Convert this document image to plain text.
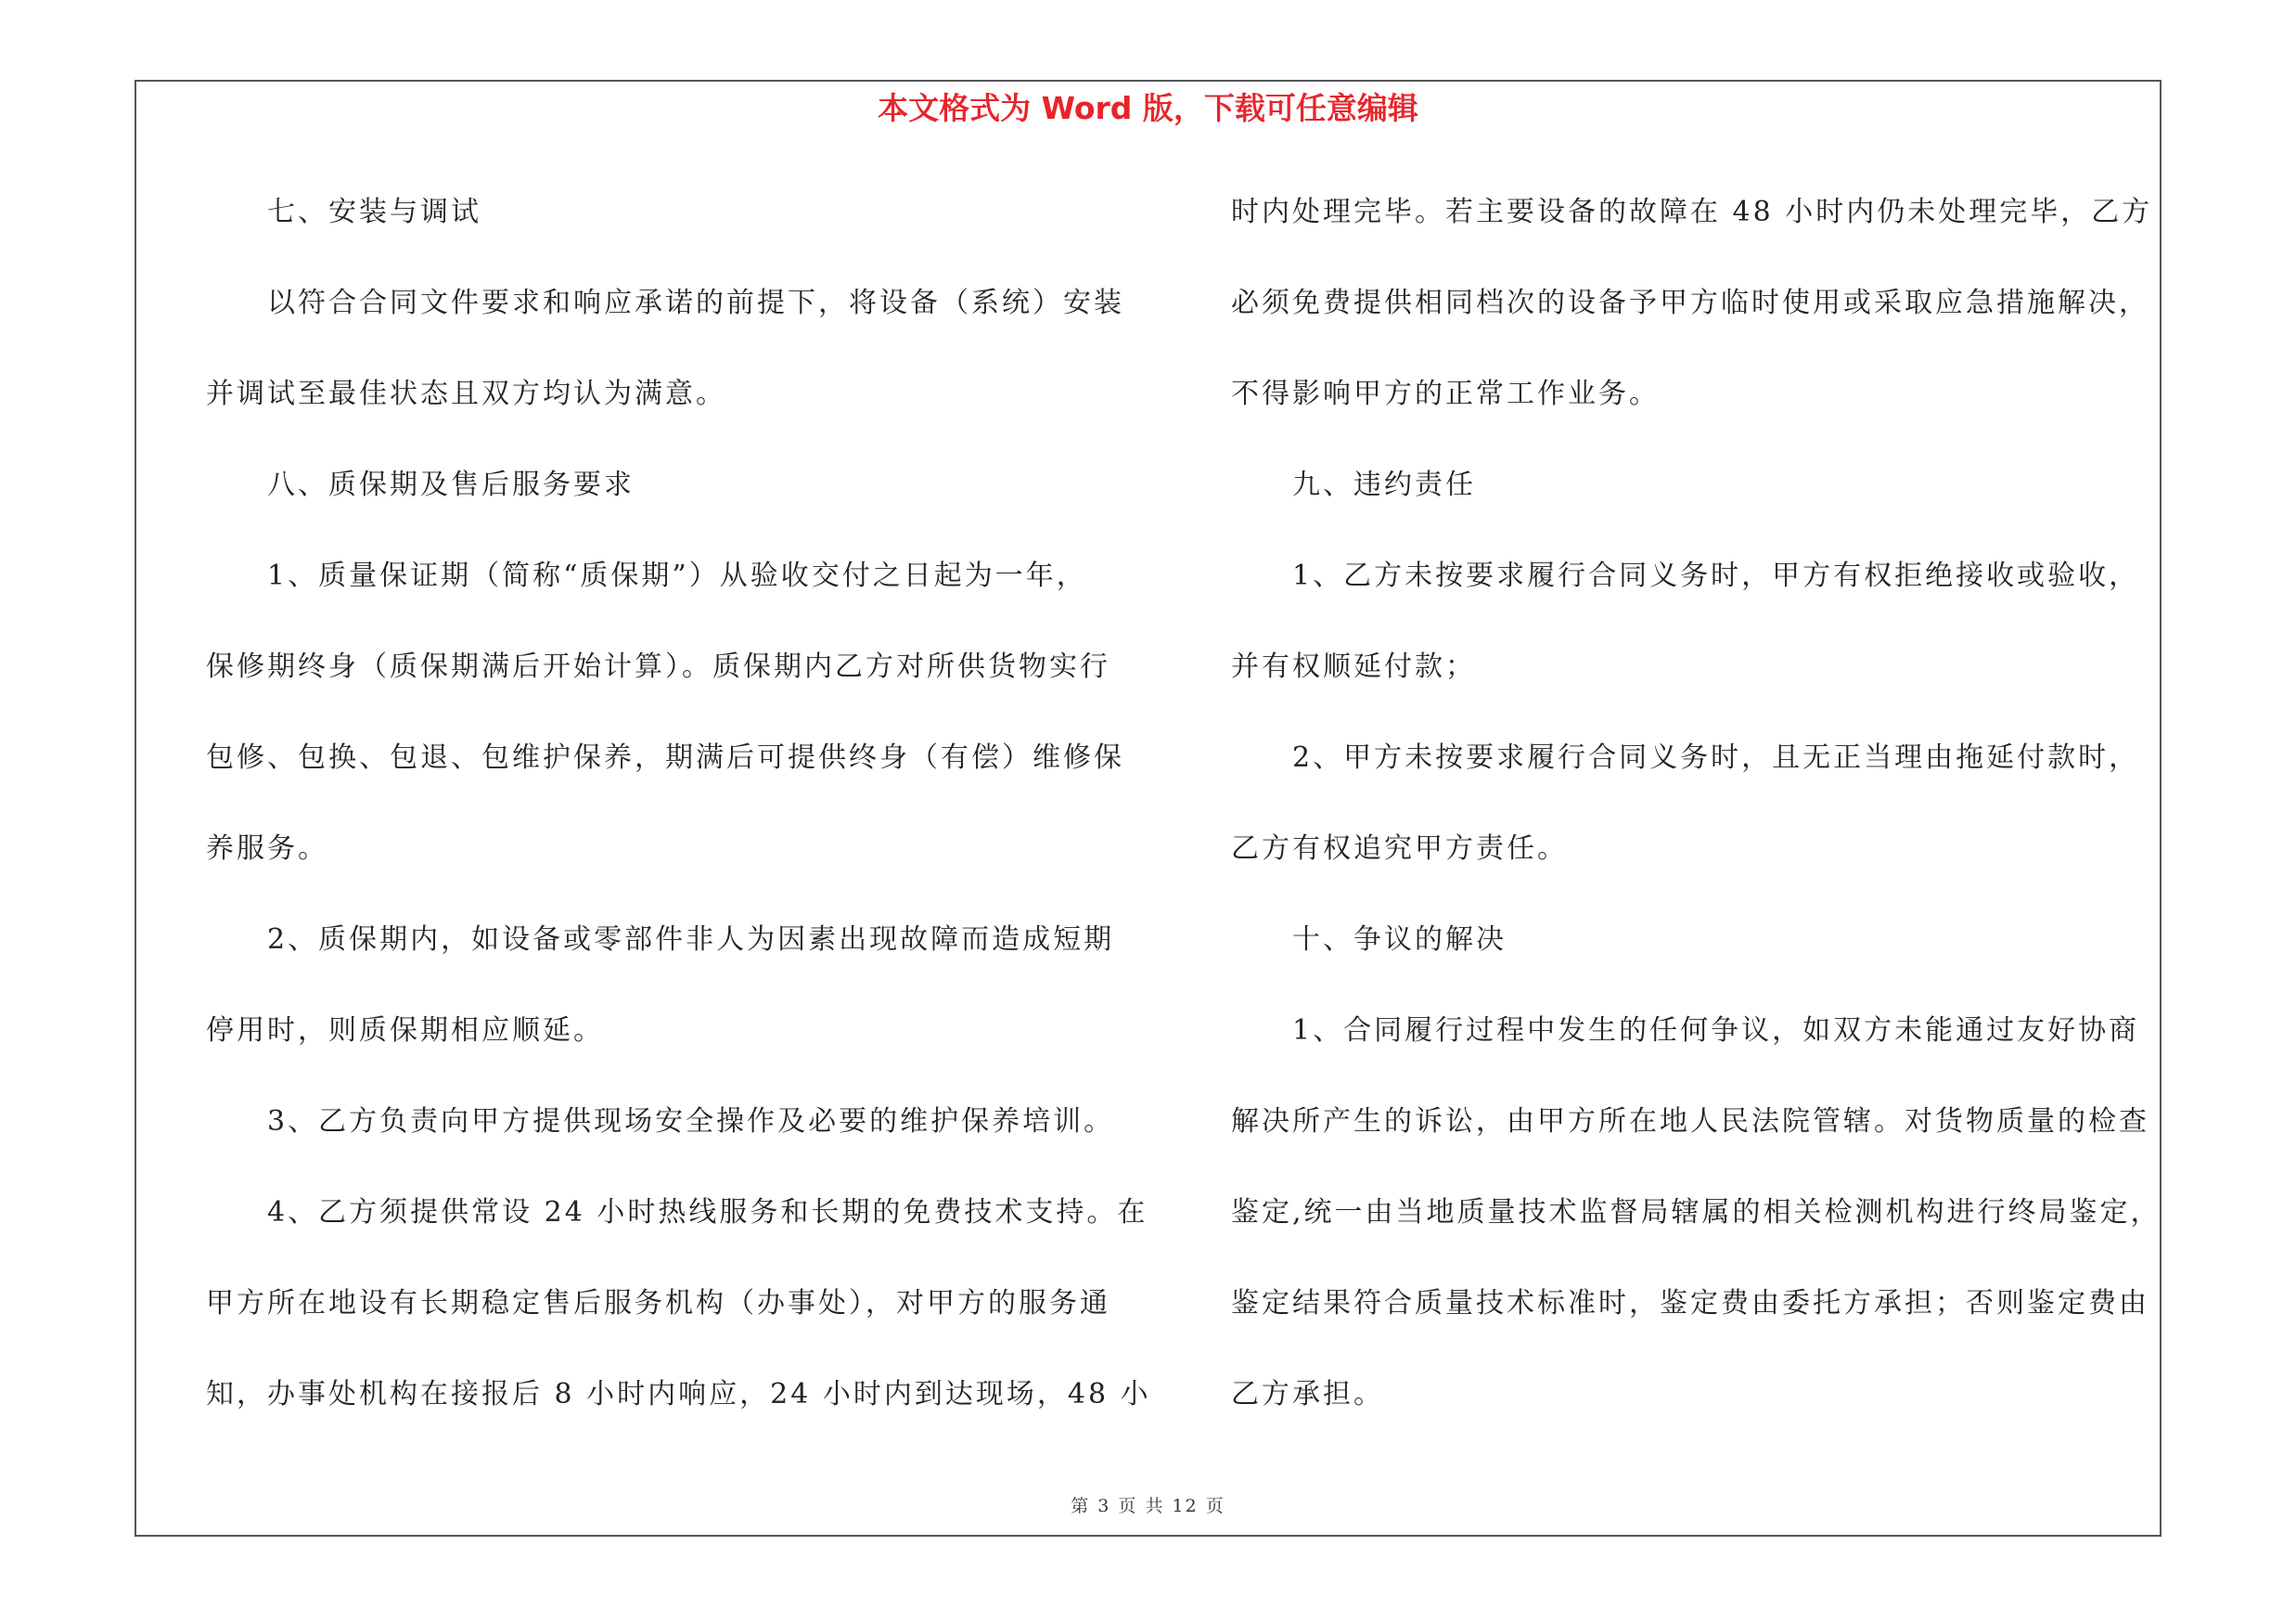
本文格式为 Word 版，下载可任意编辑
七、安装与调试
以符合合同文件要求和响应承诺的前提下，将设备（系统）安装
并调试至最佳状态且双方均认为满意。
八、质保期及售后服务要求
1、质量保证期（简称“质保期”）从验收交付之日起为一年，
保修期终身（质保期满后开始计算）。质保期内乙方对所供货物实行
包修、包换、包退、包维护保养，期满后可提供终身（有偿）维修保
养服务。
2、质保期内，如设备或零部件非人为因素出现故障而造成短期
停用时，则质保期相应顺延。
3、乙方负责向甲方提供现场安全操作及必要的维护保养培训。
4、乙方须提供常设 24 小时热线服务和长期的免费技术支持。在
甲方所在地设有长期稳定售后服务机构（办事处），对甲方的服务通
知，办事处机构在接报后 8 小时内响应，24 小时内到达现场，48 小
时内处理完毕。若主要设备的故障在 48 小时内仍未处理完毕，乙方
必须免费提供相同档次的设备予甲方临时使用或采取应急措施解决，
不得影响甲方的正常工作业务。
九、违约责任
1、乙方未按要求履行合同义务时，甲方有权拒绝接收或验收，
并有权顺延付款；
2、甲方未按要求履行合同义务时，且无正当理由拖延付款时，
乙方有权追究甲方责任。
十、争议的解决
1、合同履行过程中发生的任何争议，如双方未能通过友好协商
解决所产生的诉讼，由甲方所在地人民法院管辖。对货物质量的检查
鉴定,统一由当地质量技术监督局辖属的相关检测机构进行终局鉴定，
鉴定结果符合质量技术标准时，鉴定费由委托方承担；否则鉴定费由
乙方承担。
第 3 页 共 12 页
